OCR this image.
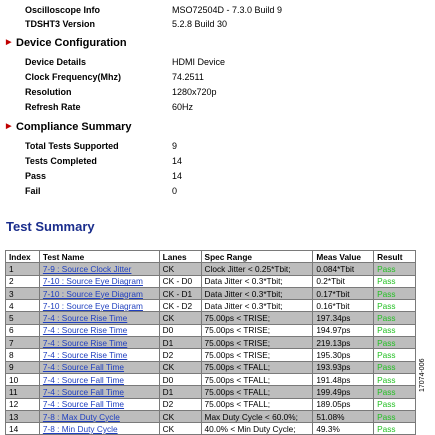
Oscilloscope Info	MSO72504D - 7.3.0 Build 9
TDSHT3 Version	5.2.8 Build 30
▶ Device Configuration
Device Details	HDMI Device
Clock Frequency(Mhz)	74.2511
Resolution	1280x720p
Refresh Rate	60Hz
▶ Compliance Summary
Total Tests Supported	9
Tests Completed	14
Pass	14
Fail	0
Test Summary
Index	Test Name	Lanes	Spec Range	Meas Value	Result
1	7-9 : Source Clock Jitter	CK	Clock Jitter < 0.25*Tbit;	0.084*Tbit	Pass
2	7-10 : Source Eye Diagram	CK - D0	Data Jitter < 0.3*Tbit;	0.2*Tbit	Pass
3	7-10 : Source Eye Diagram	CK - D1	Data Jitter < 0.3*Tbit;	0.17*Tbit	Pass
4	7-10 : Source Eye Diagram	CK - D2	Data Jitter < 0.3*Tbit;	0.16*Tbit	Pass
5	7-4 : Source Rise Time	CK	75.00ps < TRISE;	197.34ps	Pass
6	7-4 : Source Rise Time	D0	75.00ps < TRISE;	194.97ps	Pass
7	7-4 : Source Rise Time	D1	75.00ps < TRISE;	219.13ps	Pass
8	7-4 : Source Rise Time	D2	75.00ps < TRISE;	195.30ps	Pass
9	7-4 : Source Fall Time	CK	75.00ps < TFALL;	193.93ps	Pass
10	7-4 : Source Fall Time	D0	75.00ps < TFALL;	191.48ps	Pass
11	7-4 : Source Fall Time	D1	75.00ps < TFALL;	199.49ps	Pass
12	7-4 : Source Fall Time	D2	75.00ps < TFALL;	189.05ps	Pass
13	7-8 : Max Duty Cycle	CK	Max Duty Cycle < 60.0%;	51.08%	Pass
14	7-8 : Min Duty Cycle	CK	40.0% < Min Duty Cycle;	49.3%	Pass
17074-006
